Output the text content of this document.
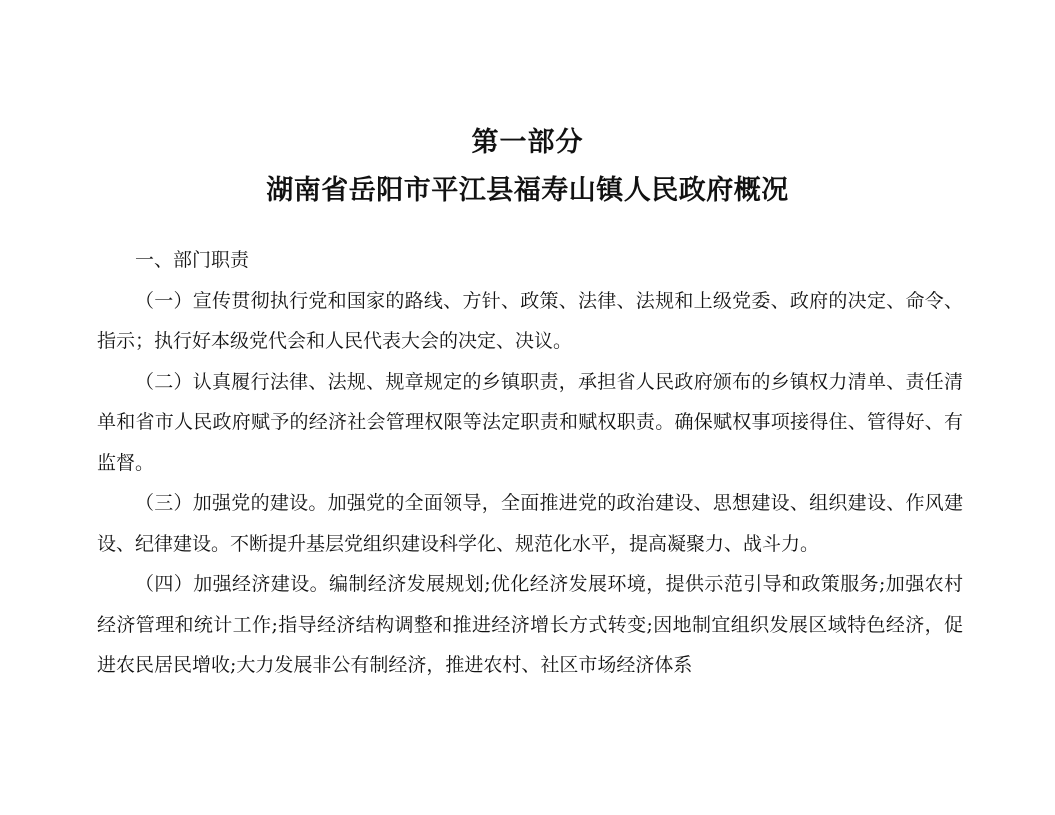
第一部分
湖南省岳阳市平江县福寿山镇人民政府概况

一、部门职责

（一）宣传贯彻执行党和国家的路线、方针、政策、法律、法规和上级党委、政府的决定、命令、指示；执行好本级党代会和人民代表大会的决定、决议。

（二）认真履行法律、法规、规章规定的乡镇职责，承担省人民政府颁布的乡镇权力清单、责任清单和省市人民政府赋予的经济社会管理权限等法定职责和赋权职责。确保赋权事项接得住、管得好、有监督。

（三）加强党的建设。加强党的全面领导，全面推进党的政治建设、思想建设、组织建设、作风建设、纪律建设。不断提升基层党组织建设科学化、规范化水平，提高凝聚力、战斗力。

（四）加强经济建设。编制经济发展规划;优化经济发展环境，提供示范引导和政策服务;加强农村经济管理和统计工作;指导经济结构调整和推进经济增长方式转变;因地制宜组织发展区域特色经济，促进农民居民增收;大力发展非公有制经济，推进农村、社区市场经济体系
